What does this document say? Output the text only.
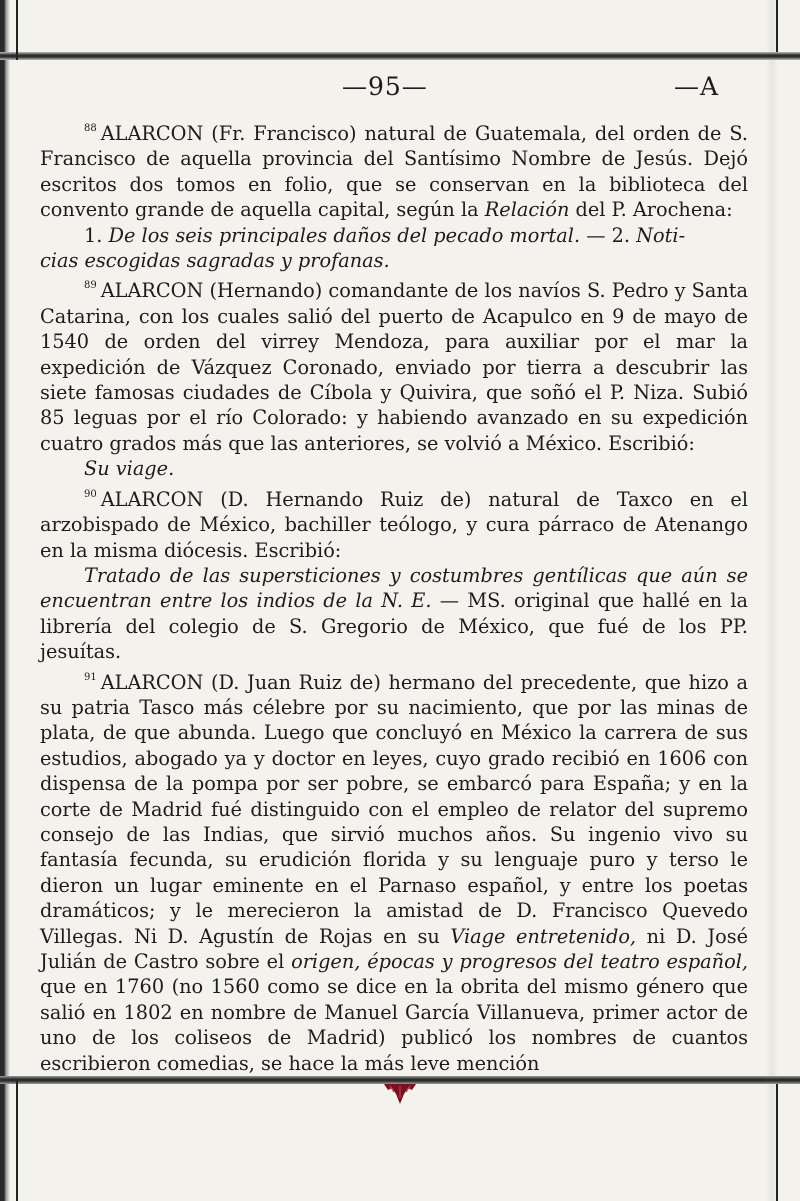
—95—	—A

$^{88}$ ALARCON (Fr. Francisco) natural de Guatemala, del orden de S. Francisco de aquella provincia del Santísimo Nombre de Jesús. Dejó escritos dos tomos en folio, que se conservan en la biblioteca del convento grande de aquella capital, según la Relación del P. Arochena:

1. De los seis principales daños del pecado mortal. — 2. Noti-
cias escogidas sagradas y profanas.

$^{89}$ ALARCON (Hernando) comandante de los navíos S. Pedro y Santa Catarina, con los cuales salió del puerto de Acapulco en 9 de mayo de 1540 de orden del virrey Mendoza, para auxiliar por el mar la expedición de Vázquez Coronado, enviado por tierra a descubrir las siete famosas ciudades de Cíbola y Quivira, que soñó el P. Niza. Subió 85 leguas por el río Colorado: y habiendo avanzado en su expedición cuatro grados más que las anteriores, se volvió a México. Escribió:

Su viage.

$^{90}$ ALARCON (D. Hernando Ruiz de) natural de Taxco en el arzobispado de México, bachiller teólogo, y cura párraco de Atenango en la misma diócesis. Escribió:

Tratado de las supersticiones y costumbres gentílicas que aún se encuentran entre los indios de la N. E. — MS. original que hallé en la librería del colegio de S. Gregorio de México, que fué de los PP. jesuítas.

$^{91}$ ALARCON (D. Juan Ruiz de) hermano del precedente, que hizo a su patria Tasco más célebre por su nacimiento, que por las minas de plata, de que abunda. Luego que concluyó en México la carrera de sus estudios, abogado ya y doctor en leyes, cuyo grado recibió en 1606 con dispensa de la pompa por ser pobre, se embarcó para España; y en la corte de Madrid fué distinguido con el empleo de relator del supremo consejo de las Indias, que sirvió muchos años. Su ingenio vivo su fantasía fecunda, su erudición florida y su lenguaje puro y terso le dieron un lugar eminente en el Parnaso español, y entre los poetas dramáticos; y le merecieron la amistad de D. Francisco Quevedo Villegas. Ni D. Agustín de Rojas en su Viage entretenido, ni D. José Julián de Castro sobre el origen, épocas y progresos del teatro español, que en 1760 (no 1560 como se dice en la obrita del mismo género que salió en 1802 en nombre de Manuel García Villanueva, primer actor de uno de los coliseos de Madrid) publicó los nombres de cuantos escribieron comedias, se hace la más leve mención
